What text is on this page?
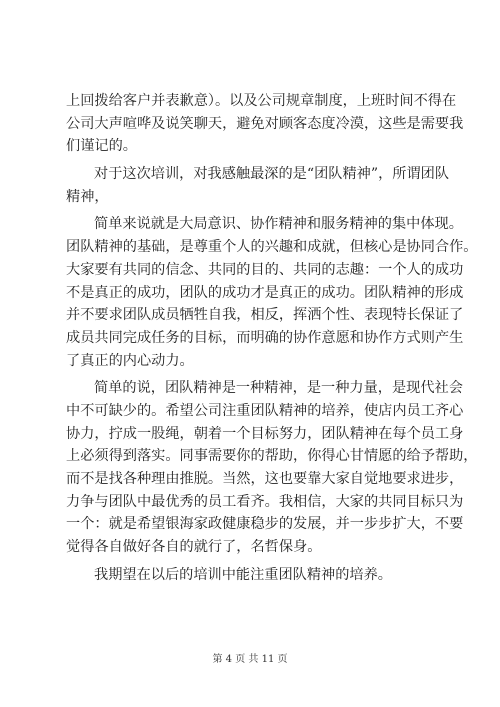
上回拨给客户并表歉意）。以及公司规章制度，上班时间不得在
公司大声喧哗及说笑聊天，避免对顾客态度冷漠，这些是需要我
们谨记的。
对于这次培训，对我感触最深的是“团队精神”，所谓团队
精神，
简单来说就是大局意识、协作精神和服务精神的集中体现。
团队精神的基础，是尊重个人的兴趣和成就，但核心是协同合作。
大家要有共同的信念、共同的目的、共同的志趣：一个人的成功
不是真正的成功，团队的成功才是真正的成功。团队精神的形成
并不要求团队成员牺牲自我，相反，挥洒个性、表现特长保证了
成员共同完成任务的目标，而明确的协作意愿和协作方式则产生
了真正的内心动力。
简单的说，团队精神是一种精神，是一种力量，是现代社会
中不可缺少的。希望公司注重团队精神的培养，使店内员工齐心
协力，拧成一股绳，朝着一个目标努力，团队精神在每个员工身
上必须得到落实。同事需要你的帮助，你得心甘情愿的给予帮助，
而不是找各种理由推脱。当然，这也要靠大家自觉地要求进步，
力争与团队中最优秀的员工看齐。我相信，大家的共同目标只为
一个：就是希望银海家政健康稳步的发展，并一步步扩大，不要
觉得各自做好各自的就行了，名哲保身。
我期望在以后的培训中能注重团队精神的培养。
第 4 页 共 11 页
